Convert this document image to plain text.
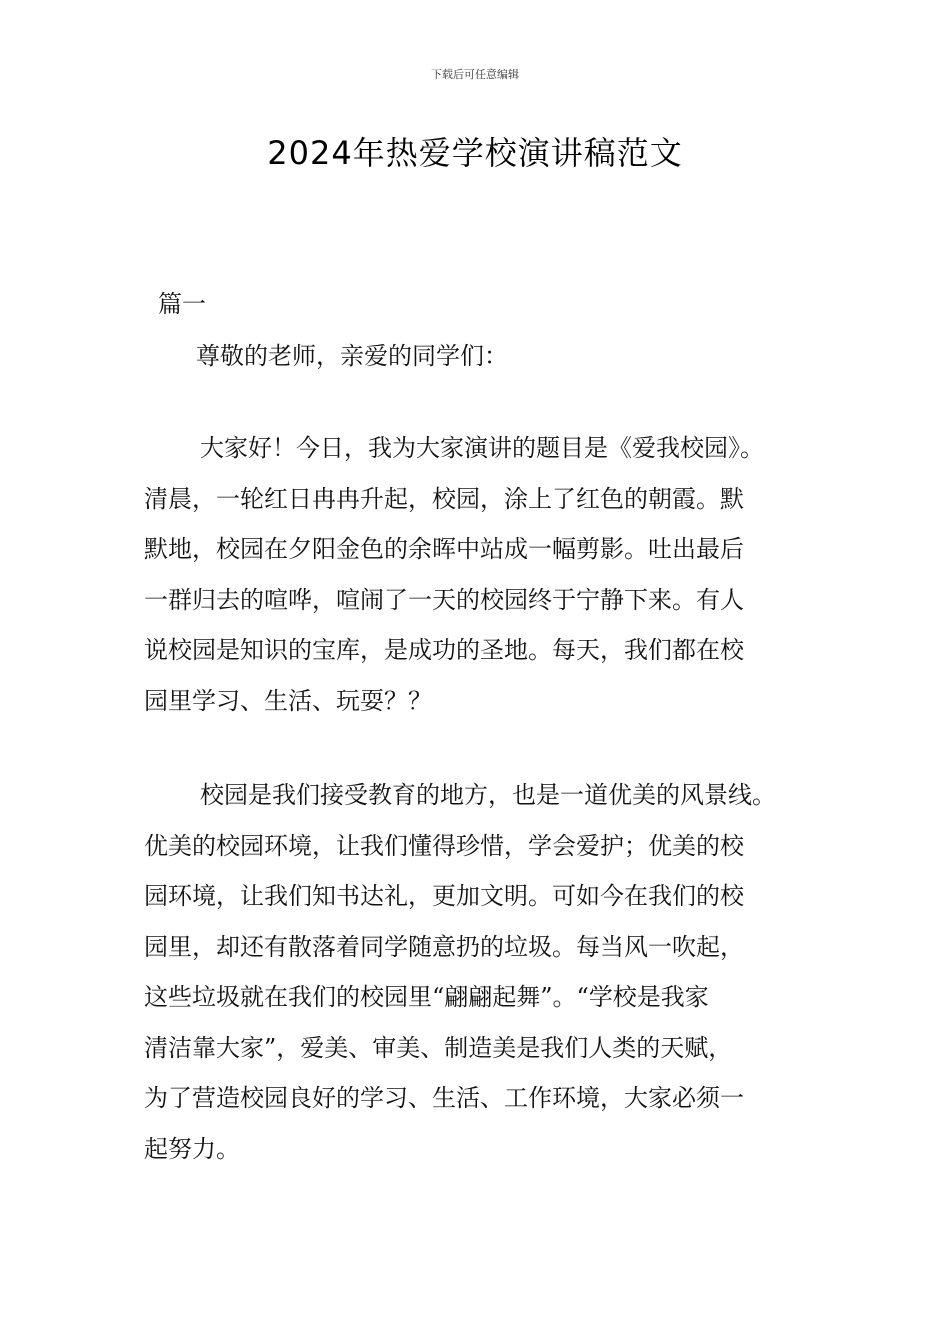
下载后可任意编辑
2024年热爱学校演讲稿范文
篇一
尊敬的老师，亲爱的同学们：

大家好！今日，我为大家演讲的题目是《爱我校园》。
清晨，一轮红日冉冉升起，校园，涂上了红色的朝霞。默
默地，校园在夕阳金色的余晖中站成一幅剪影。吐出最后
一群归去的喧哗，喧闹了一天的校园终于宁静下来。有人
说校园是知识的宝库，是成功的圣地。每天，我们都在校
园里学习、生活、玩耍？？

校园是我们接受教育的地方，也是一道优美的风景线。
优美的校园环境，让我们懂得珍惜，学会爱护；优美的校
园环境，让我们知书达礼，更加文明。可如今在我们的校
园里，却还有散落着同学随意扔的垃圾。每当风一吹起，
这些垃圾就在我们的校园里“翩翩起舞”。“学校是我家
清洁靠大家”，爱美、审美、制造美是我们人类的天赋，
为了营造校园良好的学习、生活、工作环境，大家必须一
起努力。
